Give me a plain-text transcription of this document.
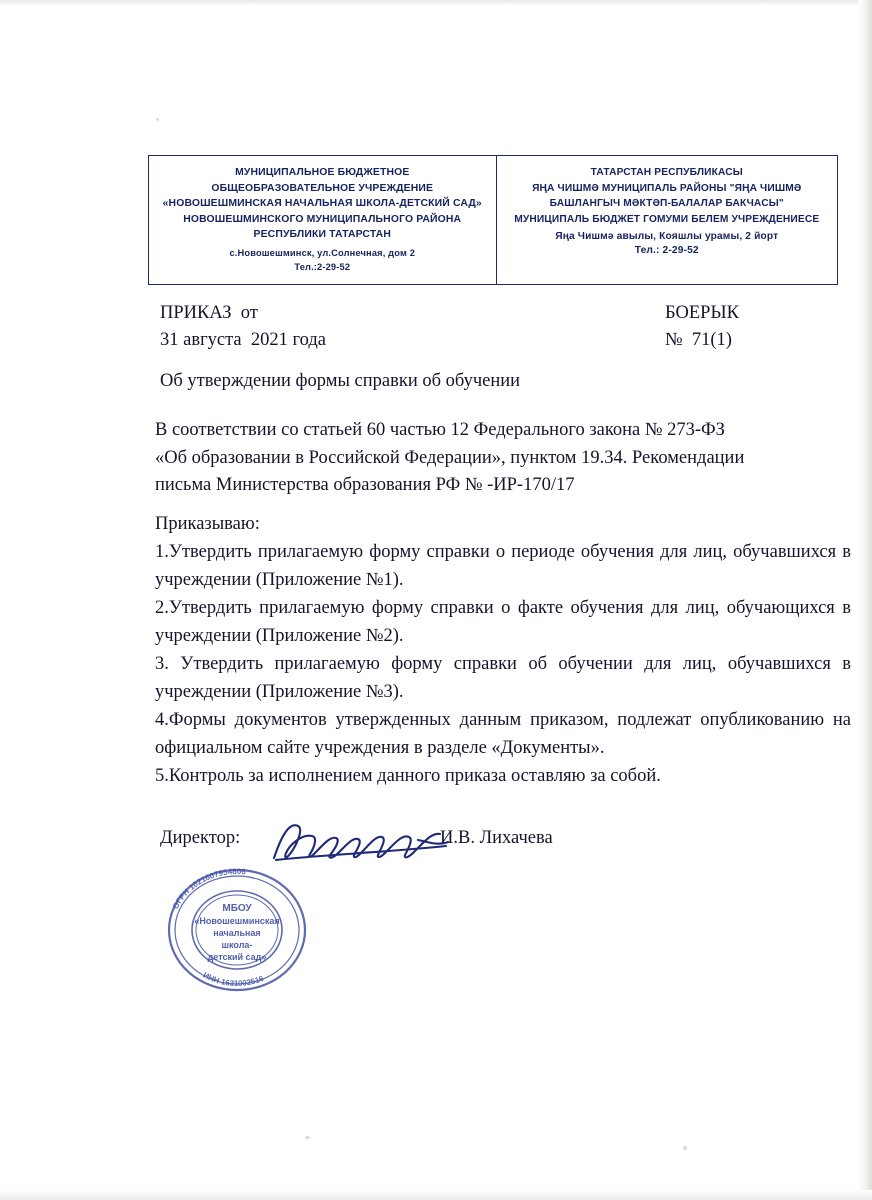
МУНИЦИПАЛЬНОЕ БЮДЖЕТНОЕ
ОБЩЕОБРАЗОВАТЕЛЬНОЕ УЧРЕЖДЕНИЕ
«НОВОШЕШМИНСКАЯ НАЧАЛЬНАЯ ШКОЛА-ДЕТСКИЙ САД»
НОВОШЕШМИНСКОГО МУНИЦИПАЛЬНОГО РАЙОНА
РЕСПУБЛИКИ ТАТАРСТАН
с.Новошешминск, ул.Солнечная, дом 2
Тел.:2-29-52
ТАТАРСТАН РЕСПУБЛИКАСЫ
ЯҢА ЧИШМӘ МУНИЦИПАЛЬ РАЙОНЫ "ЯҢА ЧИШМӘ
БАШЛАНГЫЧ МӘКТӘП-БАЛАЛАР БАКЧАСЫ"
МУНИЦИПАЛЬ БЮДЖЕТ ГОМУМИ БЕЛЕМ УЧРЕЖДЕНИЕСЕ
Яңа Чишмә авылы, Кояшлы урамы, 2 йорт
Тел.: 2-29-52
ПРИКАЗ  от	БОЕРЫК
31 августа  2021 года	№  71(1)
Об утверждении формы справки об обучении
В соответствии со статьей 60 частью 12 Федерального закона № 273-ФЗ
«Об образовании в Российской Федерации», пунктом 19.34. Рекомендации
письма Министерства образования РФ № -ИР-170/17

Приказываю:

1.Утвердить прилагаемую форму справки о периоде обучения для лиц, обучавшихся в учреждении (Приложение №1).

2.Утвердить прилагаемую форму справки о факте обучения для лиц, обучающихся в учреждении (Приложение №2).

3. Утвердить прилагаемую форму справки об обучении для лиц, обучавшихся в учреждении (Приложение №3).

4.Формы документов утвержденных данным приказом, подлежат опубликованию на официальном сайте учреждения в разделе «Документы».

5.Контроль за исполнением данного приказа оставляю за собой.

Директор:	И.В. Лихачева
ОГРН 1021607954806
ИНН 1631002516
МБОУ
«Новошешминская
начальная
школа-
детский сад»
